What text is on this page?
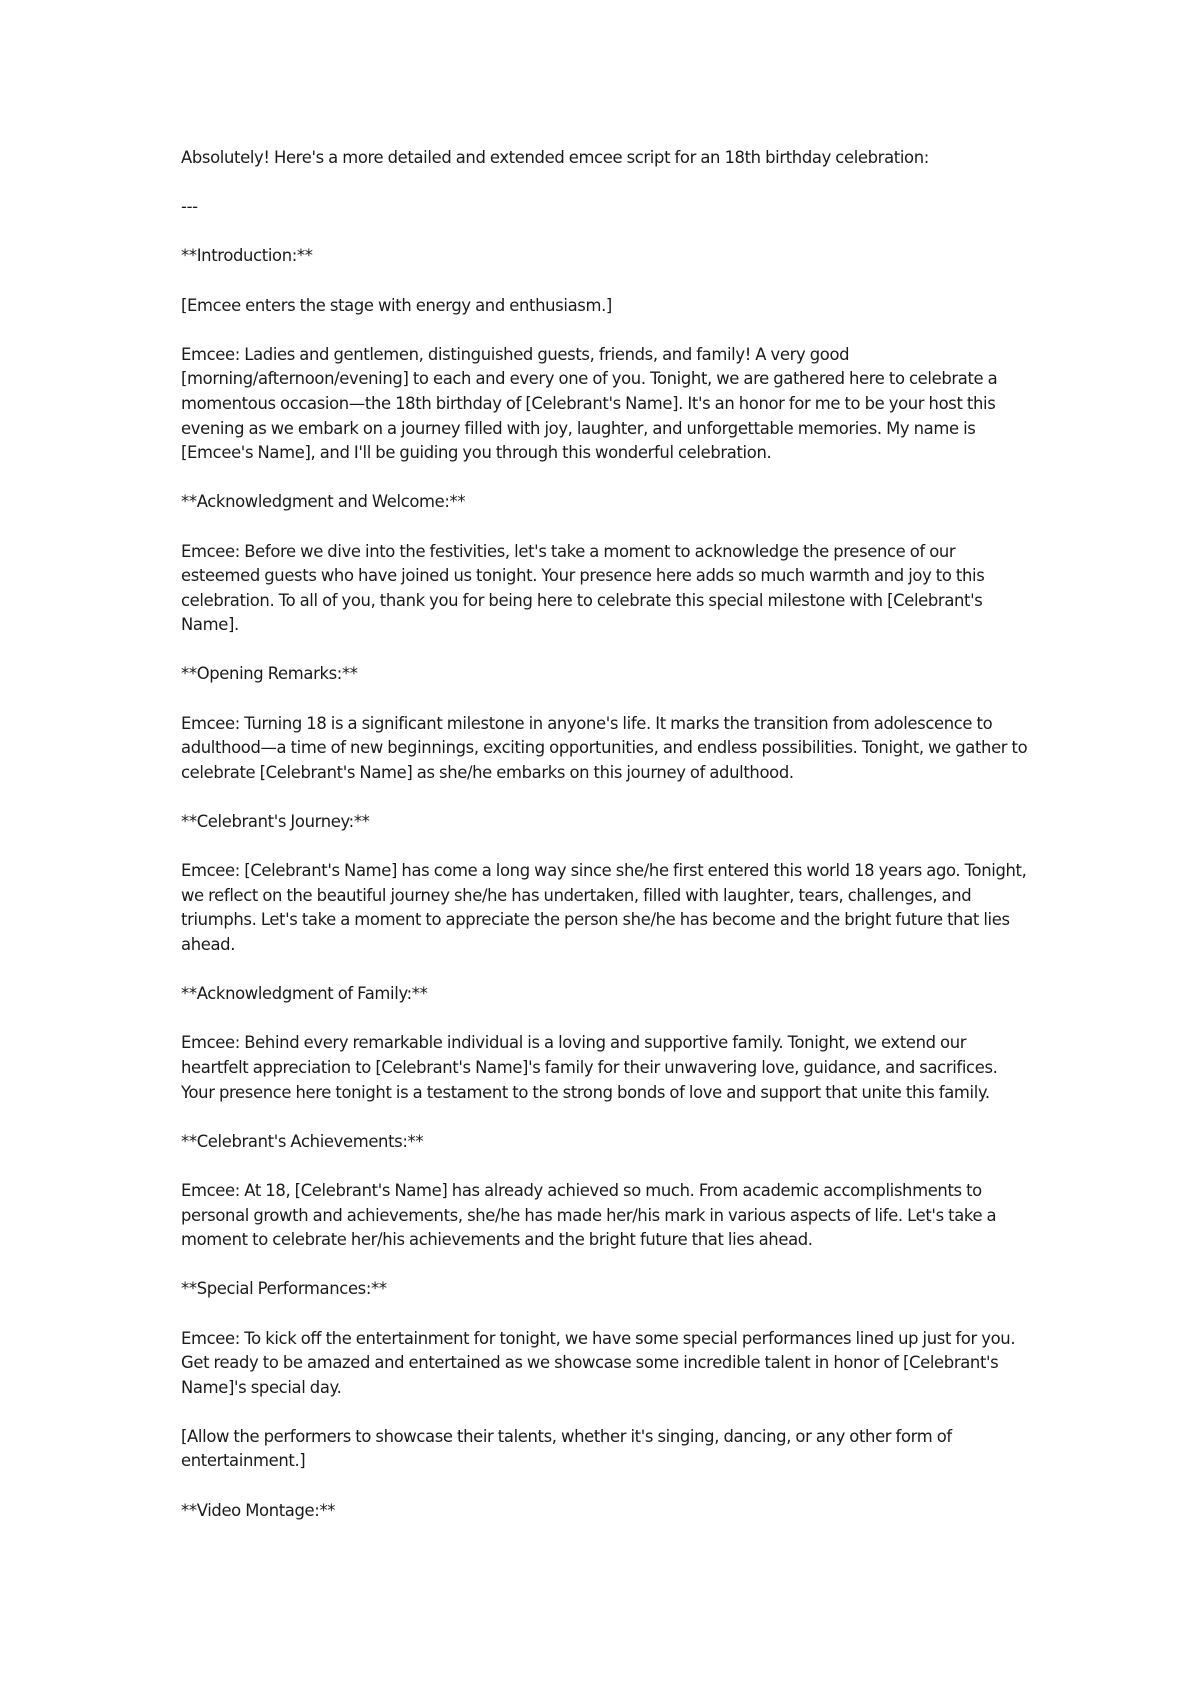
Absolutely! Here's a more detailed and extended emcee script for an 18th birthday celebration:

---

**Introduction:**

[Emcee enters the stage with energy and enthusiasm.]

Emcee: Ladies and gentlemen, distinguished guests, friends, and family! A very good [morning/afternoon/evening] to each and every one of you. Tonight, we are gathered here to celebrate a momentous occasion—the 18th birthday of [Celebrant's Name]. It's an honor for me to be your host this evening as we embark on a journey filled with joy, laughter, and unforgettable memories. My name is [Emcee's Name], and I'll be guiding you through this wonderful celebration.

**Acknowledgment and Welcome:**

Emcee: Before we dive into the festivities, let's take a moment to acknowledge the presence of our esteemed guests who have joined us tonight. Your presence here adds so much warmth and joy to this celebration. To all of you, thank you for being here to celebrate this special milestone with [Celebrant's Name].

**Opening Remarks:**

Emcee: Turning 18 is a significant milestone in anyone's life. It marks the transition from adolescence to adulthood—a time of new beginnings, exciting opportunities, and endless possibilities. Tonight, we gather to celebrate [Celebrant's Name] as she/he embarks on this journey of adulthood.

**Celebrant's Journey:**

Emcee: [Celebrant's Name] has come a long way since she/he first entered this world 18 years ago. Tonight, we reflect on the beautiful journey she/he has undertaken, filled with laughter, tears, challenges, and triumphs. Let's take a moment to appreciate the person she/he has become and the bright future that lies ahead.

**Acknowledgment of Family:**

Emcee: Behind every remarkable individual is a loving and supportive family. Tonight, we extend our heartfelt appreciation to [Celebrant's Name]'s family for their unwavering love, guidance, and sacrifices. Your presence here tonight is a testament to the strong bonds of love and support that unite this family.

**Celebrant's Achievements:**

Emcee: At 18, [Celebrant's Name] has already achieved so much. From academic accomplishments to personal growth and achievements, she/he has made her/his mark in various aspects of life. Let's take a moment to celebrate her/his achievements and the bright future that lies ahead.

**Special Performances:**

Emcee: To kick off the entertainment for tonight, we have some special performances lined up just for you. Get ready to be amazed and entertained as we showcase some incredible talent in honor of [Celebrant's Name]'s special day.

[Allow the performers to showcase their talents, whether it's singing, dancing, or any other form of entertainment.]

**Video Montage:**
